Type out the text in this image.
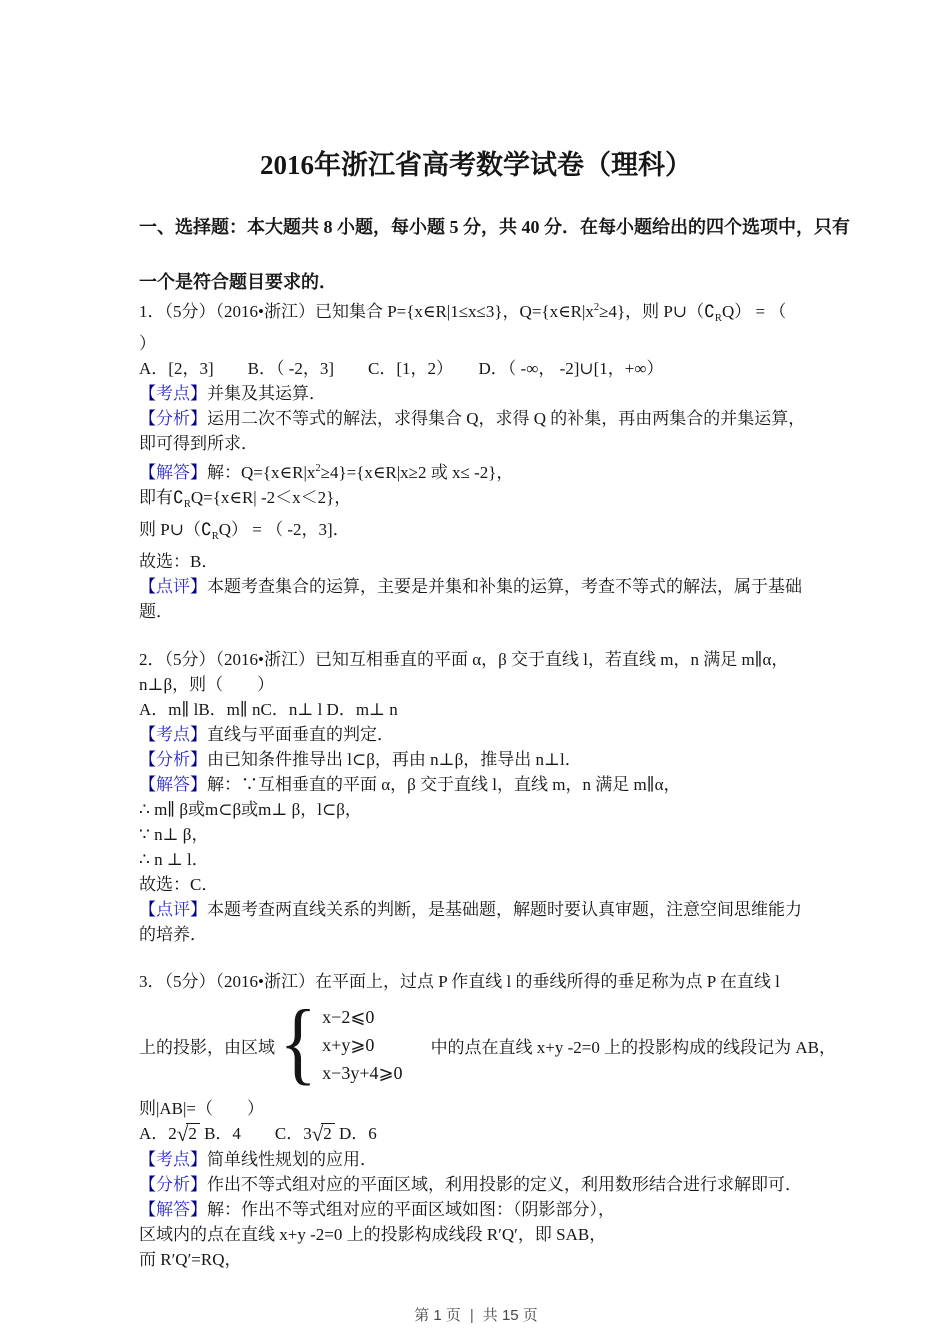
2016年浙江省高考数学试卷（理科）
一、选择题：本大题共 8 小题，每小题 5 分，共 40 分．在每小题给出的四个选项中，只有
一个是符合题目要求的．
1．（5分）（2016•浙江）已知集合 P={x∈R|1≤x≤3}，$Q=\{x\in R|x^2\ge 4\}$，则 $P\cup(∁_RQ)$ = （
）
A．[2，3]　　B．（ -2，3]　　C．[1，2）　　D．（ -∞， -2]∪[1，+∞）
【考点】并集及其运算．
【分析】运用二次不等式的解法，求得集合 Q，求得 Q 的补集，再由两集合的并集运算，
即可得到所求．
【解答】解：$Q=\{x\in R|x^2\ge 4\}=\{x\in R|x\ge 2$ 或 x≤ -2}，
即有$∁_RQ=\{x\in R|$ -2＜x＜2}，
则 $P\cup(∁_RQ)$ = （ -2，3]．
故选：B．
【点评】本题考查集合的运算，主要是并集和补集的运算，考查不等式的解法，属于基础
题．
2．（5分）（2016•浙江）已知互相垂直的平面 α，β 交于直线 l，若直线 m，n 满足 m∥α，
n⊥β，则（　　）
A．m∥ lB．m∥ nC．n⊥ l D．m⊥ n
【考点】直线与平面垂直的判定．
【分析】由已知条件推导出 l⊂β，再由 n⊥β，推导出 n⊥l．
【解答】解：∵互相垂直的平面 α，β 交于直线 l，直线 m，n 满足 m∥α，
∴ m∥ β或m⊂β或m⊥ β，l⊂β，
∵ n⊥ β，
∴ n ⊥ l．
故选：C．
【点评】本题考查两直线关系的判断，是基础题，解题时要认真审题，注意空间思维能力
的培养．
3．（5分）（2016•浙江）在平面上，过点 P 作直线 l 的垂线所得的垂足称为点 P 在直线 l
上的投影，由区域 { x−2⩽0
x+y⩾0
x−3y+4⩾0
中的点在直线 x+y -2=0 上的投影构成的线段记为 AB，
则|AB|=（　　）
A．2√2 B．4　　C．3√2 D．6
【考点】简单线性规划的应用．
【分析】作出不等式组对应的平面区域，利用投影的定义，利用数形结合进行求解即可．
【解答】解：作出不等式组对应的平面区域如图：（阴影部分），
区域内的点在直线 x+y -2=0 上的投影构成线段 R′Q′，即 SAB，
而 R′Q′=RQ，
第 1 页 | 共 15 页
